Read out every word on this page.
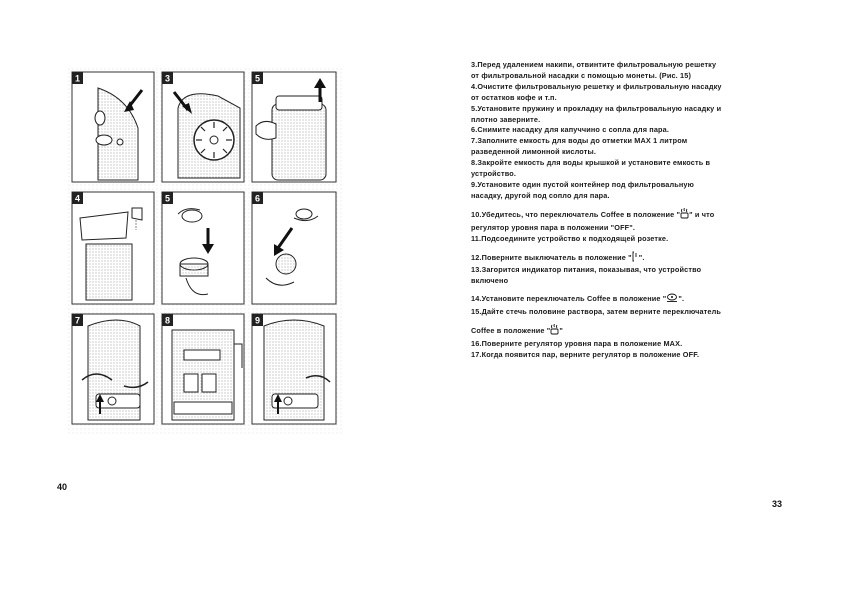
1	3	5
4	5	6
7	8	9
40
33
3.Перед удалением накипи, отвинтите фильтровальную решетку
от фильтровальной насадки с помощью монеты. (Рис. 15)
4.Очистите фильтровальную решетку и фильтровальную насадку
от остатков кофе и т.п.
5.Установите пружину и прокладку на фильтровальную насадку и
плотно заверните.
6.Снимите насадку для капуччино с сопла для пара.
7.Заполните емкость для воды до отметки MAX 1 литром
разведенной лимонной кислоты.
8.Закройте емкость для воды крышкой и установите емкость в
устройство.
9.Установите один пустой контейнер под фильтровальную
насадку, другой под сопло для пара.
10.Убедитесь, что переключатель Coffee в положение " " и что
регулятор уровня пара в положении "OFF".
11.Подсоедините устройство к подходящей розетке.
12.Поверните выключатель в положение " ".
13.Загорится индикатор питания, показывая, что устройство
включено
14.Установите переключатель Coffee в положение " ".
15.Дайте стечь половине раствора, затем верните переключатель
Coffee в положение " "
16.Поверните регулятор уровня пара в положение MAX.
17.Когда появится пар, верните регулятор в положение OFF.
